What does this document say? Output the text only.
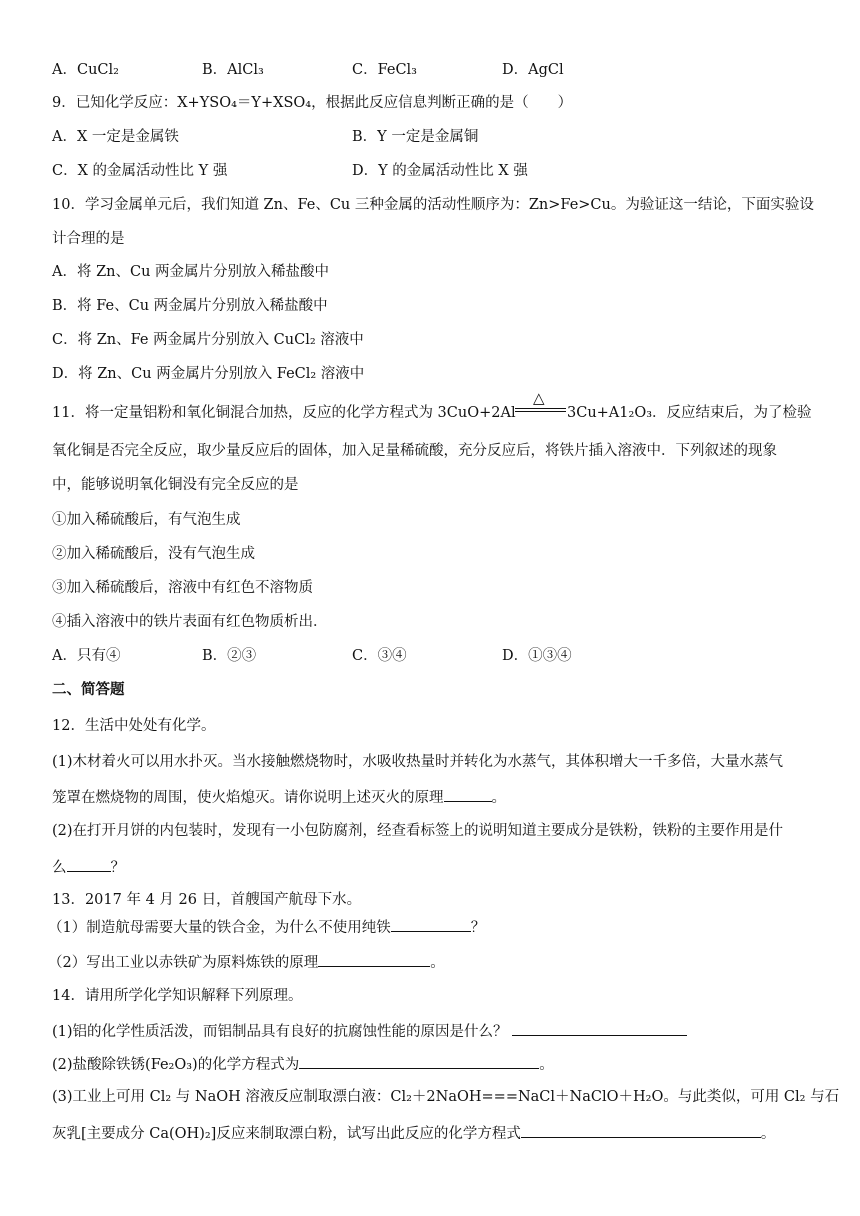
A．CuCl₂	B．AlCl₃	C．FeCl₃	D．AgCl
9．已知化学反应：X+YSO₄＝Y+XSO₄，根据此反应信息判断正确的是（　　）
A．X 一定是金属铁	B．Y 一定是金属铜
C．X 的金属活动性比 Y 强	D．Y 的金属活动性比 X 强
10．学习金属单元后，我们知道 Zn、Fe、Cu 三种金属的活动性顺序为：Zn>Fe>Cu。为验证这一结论，下面实验设
计合理的是
A．将 Zn、Cu 两金属片分别放入稀盐酸中
B．将 Fe、Cu 两金属片分别放入稀盐酸中
C．将 Zn、Fe 两金属片分别放入 CuCl₂ 溶液中
D．将 Zn、Cu 两金属片分别放入 FeCl₂ 溶液中
11．将一定量铝粉和氧化铜混合加热，反应的化学方程式为 3CuO+2Al
△
3Cu+A1₂O₃．反应结束后，为了检验
氧化铜是否完全反应，取少量反应后的固体，加入足量稀硫酸，充分反应后，将铁片插入溶液中．下列叙述的现象
中，能够说明氧化铜没有完全反应的是
①加入稀硫酸后，有气泡生成
②加入稀硫酸后，没有气泡生成
③加入稀硫酸后，溶液中有红色不溶物质
④插入溶液中的铁片表面有红色物质析出．
A．只有④	B．②③	C．③④	D．①③④
二、简答题
12．生活中处处有化学。
(1)木材着火可以用水扑灭。当水接触燃烧物时，水吸收热量时并转化为水蒸气，其体积增大一千多倍，大量水蒸气
笼罩在燃烧物的周围，使火焰熄灭。请你说明上述灭火的原理	。
(2)在打开月饼的内包装时，发现有一小包防腐剂，经查看标签上的说明知道主要成分是铁粉，铁粉的主要作用是什
么	？
13．2017 年 4 月 26 日，首艘国产航母下水。
（1）制造航母需要大量的铁合金，为什么不使用纯铁	？
（2）写出工业以赤铁矿为原料炼铁的原理	。
14．请用所学化学知识解释下列原理。
(1)铝的化学性质活泼，而铝制品具有良好的抗腐蚀性能的原因是什么？
(2)盐酸除铁锈(Fe₂O₃)的化学方程式为	。
(3)工业上可用 Cl₂ 与 NaOH 溶液反应制取漂白液：Cl₂＋2NaOH===NaCl＋NaClO＋H₂O。与此类似，可用 Cl₂ 与石
灰乳[主要成分 Ca(OH)₂]反应来制取漂白粉，试写出此反应的化学方程式	。
